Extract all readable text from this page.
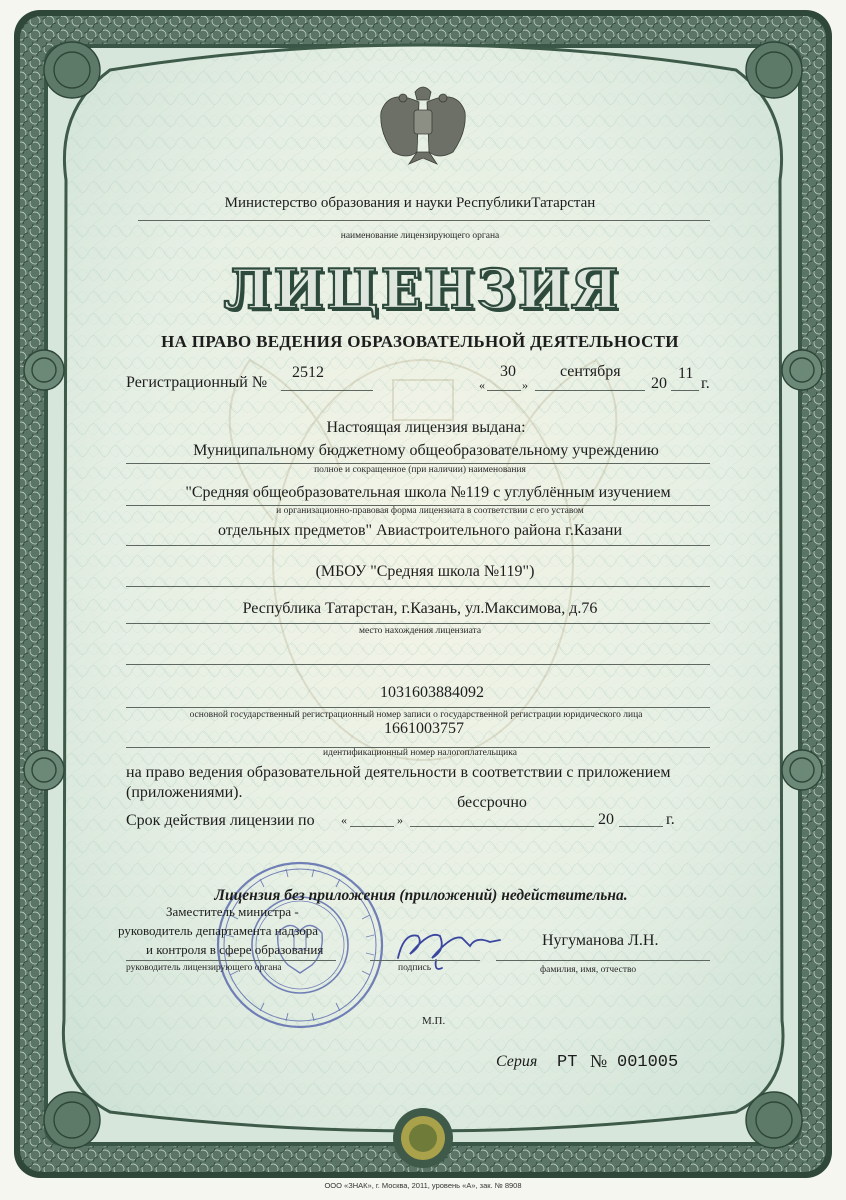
Министерство образования и науки РеспубликиТатарстан
наименование лицензирующего органа
ЛИЦЕНЗИЯ
НА ПРАВО ВЕДЕНИЯ ОБРАЗОВАТЕЛЬНОЙ ДЕЯТЕЛЬНОСТИ
Регистрационный №
2512
«
30
»
сентября
20
11
г.
Настоящая лицензия выдана:
Муниципальному бюджетному общеобразовательному учреждению
полное и сокращенное (при наличии) наименования
"Средняя общеобразовательная школа №119 с углублённым изучением
и организационно-правовая форма лицензиата в соответствии с его уставом
отдельных предметов" Авиастроительного района г.Казани
(МБОУ "Средняя школа №119")
Республика Татарстан, г.Казань, ул.Максимова, д.76
место нахождения лицензиата
1031603884092
основной государственный регистрационный номер записи о государственной регистрации юридического лица
1661003757
идентификационный номер налогоплательщика
на право ведения образовательной деятельности в соответствии с приложением
(приложениями).
Срок действия лицензии по «	»
бессрочно
20	г.
Лицензия без приложения (приложений) недействительна.
Заместитель министра -
руководитель департамента надзора
и контроля в сфере образования
руководитель лицензирующего органа	подпись
Нугуманова Л.Н.
фамилия, имя, отчество
М.П.
Серия РТ № 001005
ООО «ЗНАК», г. Москва, 2011, уровень «А», зак. № 8908
